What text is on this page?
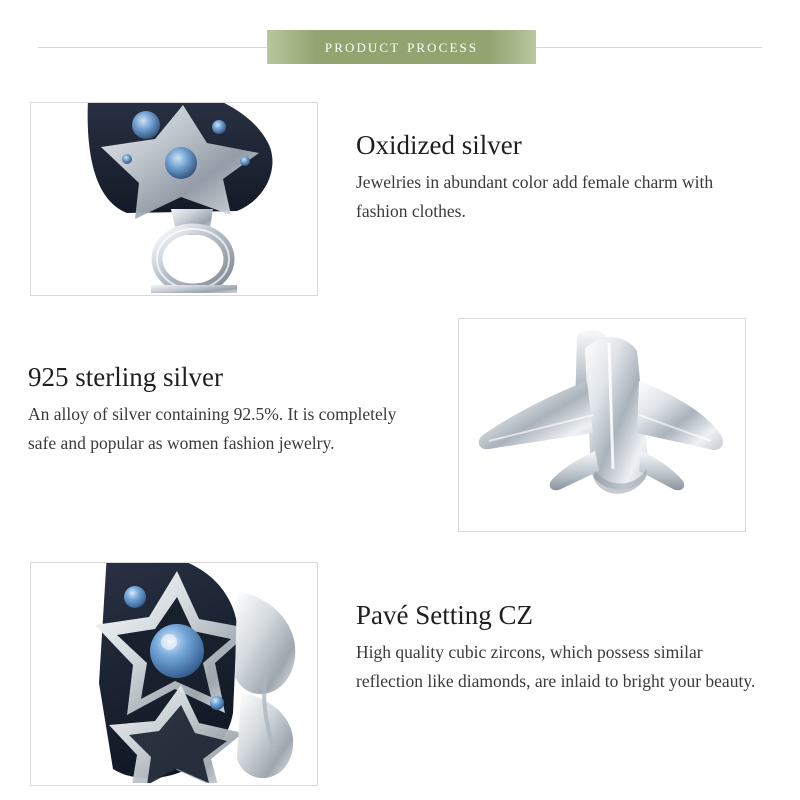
product process
Oxidized silver

Jewelries in abundant color add female charm with fashion clothes.

925 sterling silver

An alloy of silver containing 92.5%. It is completely safe and popular as women fashion jewelry.

Pavé Setting CZ

High quality cubic zircons, which possess similar reflection like diamonds, are inlaid to bright your beauty.
